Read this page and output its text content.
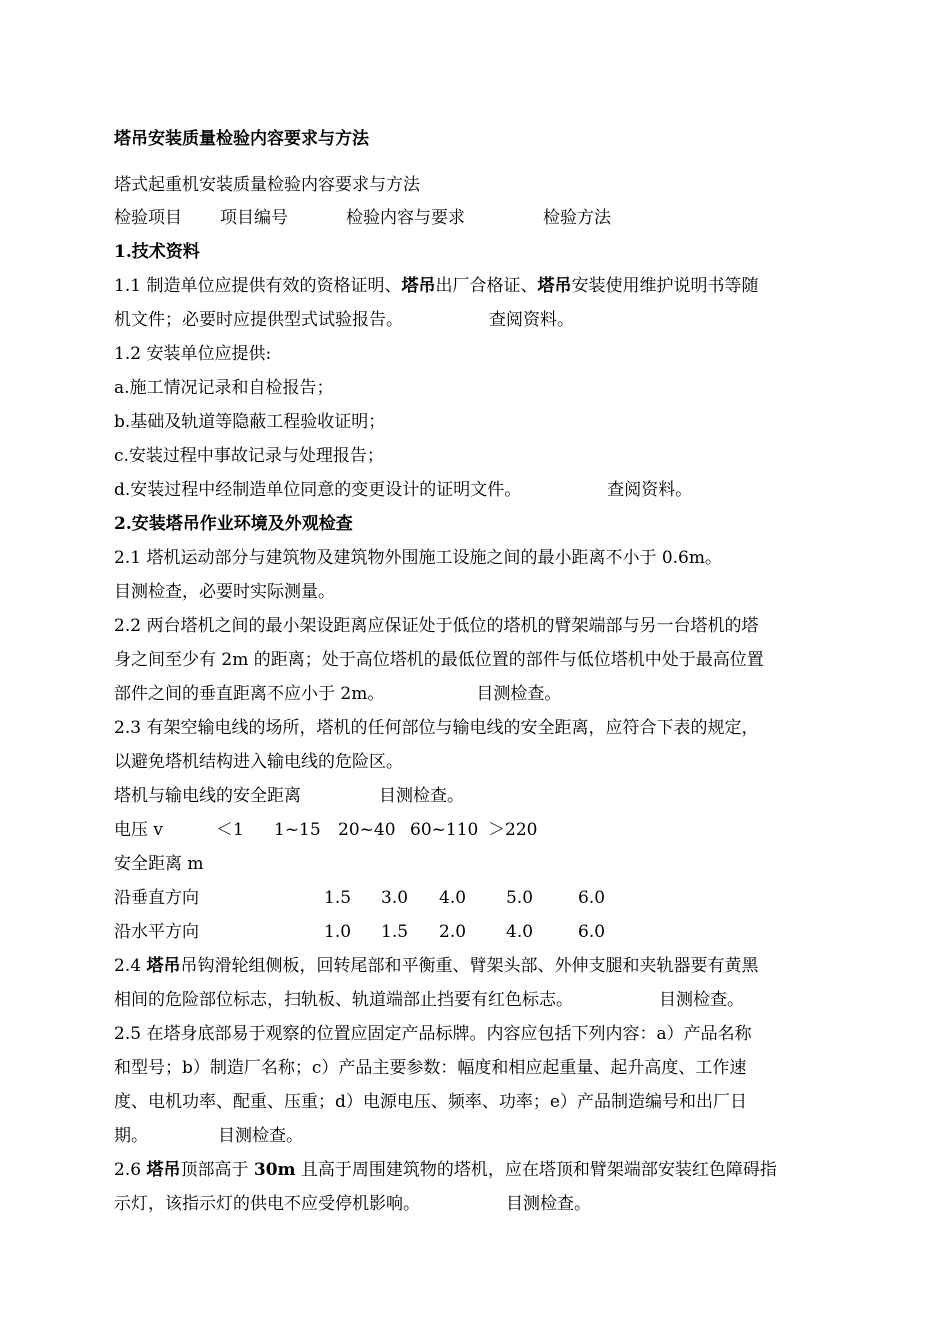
塔吊安装质量检验内容要求与方法
塔式起重机安装质量检验内容要求与方法
检验项目 项目编号	检验内容与要求	检验方法
1.技术资料
1.1 制造单位应提供有效的资格证明、塔吊出厂合格证、塔吊安装使用维护说明书等随
机文件；必要时应提供型式试验报告。	查阅资料。
1.2 安装单位应提供:
a.施工情况记录和自检报告；
b.基础及轨道等隐蔽工程验收证明；
c.安装过程中事故记录与处理报告；
d.安装过程中经制造单位同意的变更设计的证明文件。	查阅资料。
2.安装塔吊作业环境及外观检查
2.1 塔机运动部分与建筑物及建筑物外围施工设施之间的最小距离不小于 0.6m。
目测检查，必要时实际测量。
2.2 两台塔机之间的最小架设距离应保证处于低位的塔机的臂架端部与另一台塔机的塔
身之间至少有 2m 的距离；处于高位塔机的最低位置的部件与低位塔机中处于最高位置
部件之间的垂直距离不应小于 2m。	目测检查。
2.3 有架空输电线的场所，塔机的任何部位与输电线的安全距离，应符合下表的规定，
以避免塔机结构进入输电线的危险区。
塔机与输电线的安全距离	目测检查。
电压 v	＜1 1~15 20~40 60~110 ＞220
安全距离 m
沿垂直方向	1.5 3.0 4.0 5.0	6.0
沿水平方向	1.0 1.5 2.0 4.0	6.0
2.4 塔吊吊钩滑轮组侧板，回转尾部和平衡重、臂架头部、外伸支腿和夹轨器要有黄黑
相间的危险部位标志，扫轨板、轨道端部止挡要有红色标志。	目测检查。
2.5 在塔身底部易于观察的位置应固定产品标牌。内容应包括下列内容：a）产品名称
和型号；b）制造厂名称；c）产品主要参数：幅度和相应起重量、起升高度、工作速
度、电机功率、配重、压重；d）电源电压、频率、功率；e）产品制造编号和出厂日
期。	目测检查。
2.6 塔吊顶部高于 30m 且高于周围建筑物的塔机，应在塔顶和臂架端部安装红色障碍指
示灯，该指示灯的供电不应受停机影响。	目测检查。
